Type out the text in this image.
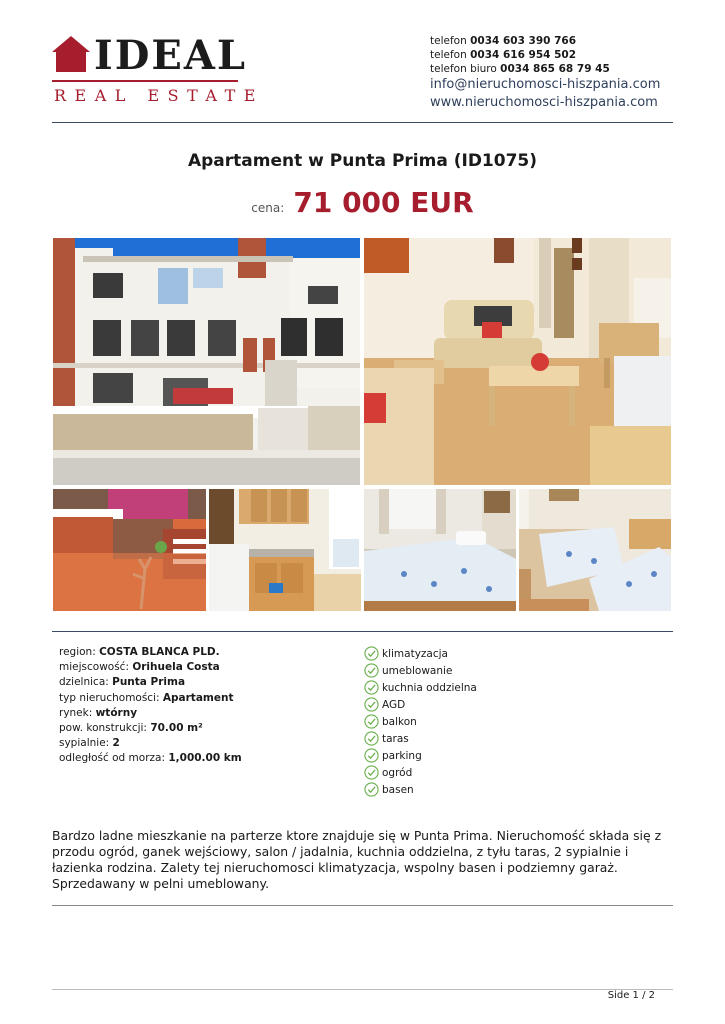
IDEAL
REAL ESTATE
telefon 0034 603 390 766
telefon 0034 616 954 502
telefon biuro 0034 865 68 79 45
info@nieruchomosci-hiszpania.com
www.nieruchomosci-hiszpania.com
Apartament w Punta Prima (ID1075)
cena: 71 000 EUR
region: COSTA BLANCA PLD.
miejscowość: Orihuela Costa
dzielnica: Punta Prima
typ nieruchomości: Apartament
rynek: wtórny
pow. konstrukcji: 70.00 m²
sypialnie: 2
odległość od morza: 1,000.00 km
klimatyzacja
umeblowanie
kuchnia oddzielna
AGD
balkon
taras
parking
ogród
basen
Bardzo ladne mieszkanie na parterze ktore znajduje się w Punta Prima. Nieruchomość składa się z przodu ogród, ganek wejściowy, salon / jadalnia, kuchnia oddzielna, z tyłu taras, 2 sypialnie i łazienka rodzina. Zalety tej nieruchomosci klimatyzacja, wspolny basen i podziemny garaż. Sprzedawany w pelni umeblowany.
Side 1 / 2
